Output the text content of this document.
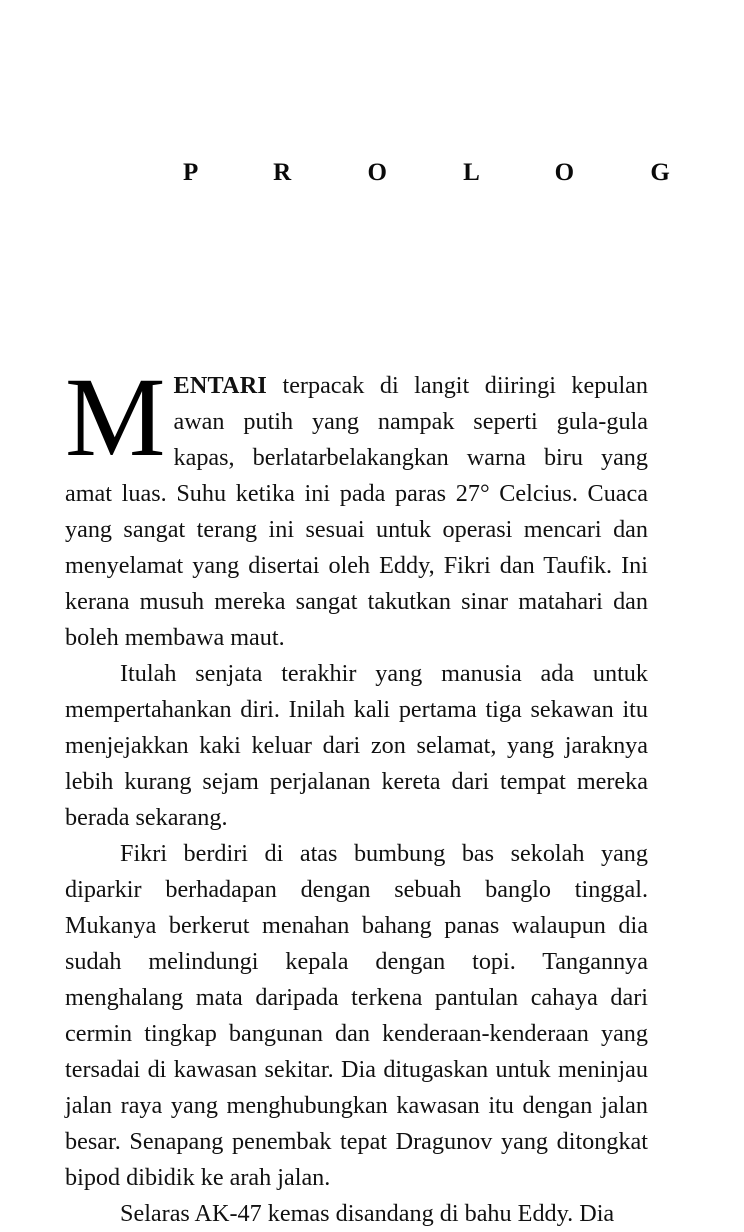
P R O L O G

MENTARI terpacak di langit diiringi kepulan awan putih yang nampak seperti gula-gula kapas, berlatarbelakangkan warna biru yang amat luas. Suhu ketika ini pada paras 27° Celcius. Cuaca yang sangat terang ini sesuai untuk operasi mencari dan menyelamat yang disertai oleh Eddy, Fikri dan Taufik. Ini kerana musuh mereka sangat takutkan sinar matahari dan boleh membawa maut.

Itulah senjata terakhir yang manusia ada untuk mempertahankan diri. Inilah kali pertama tiga sekawan itu menjejakkan kaki keluar dari zon selamat, yang jaraknya lebih kurang sejam perjalanan kereta dari tempat mereka berada sekarang.

Fikri berdiri di atas bumbung bas sekolah yang diparkir berhadapan dengan sebuah banglo tinggal. Mukanya berkerut menahan bahang panas walaupun dia sudah melindungi kepala dengan topi. Tangannya menghalang mata daripada terkena pantulan cahaya dari cermin tingkap bangunan dan kenderaan-kenderaan yang tersadai di kawasan sekitar. Dia ditugaskan untuk meninjau jalan raya yang menghubungkan kawasan itu dengan jalan besar. Senapang penembak tepat Dragunov yang ditongkat bipod dibidik ke arah jalan.

Selaras AK-47 kemas disandang di bahu Eddy. Dia
